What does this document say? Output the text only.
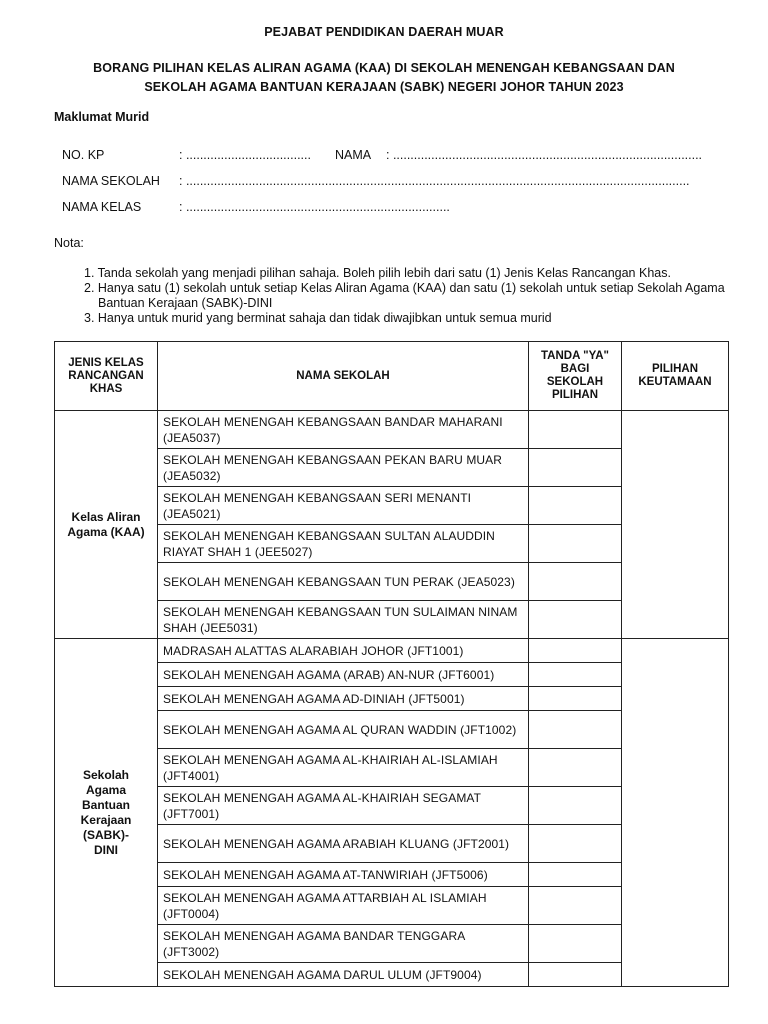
PEJABAT PENDIDIKAN DAERAH MUAR
BORANG PILIHAN KELAS ALIRAN AGAMA (KAA) DI SEKOLAH MENENGAH KEBANGSAAN DAN
SEKOLAH AGAMA BANTUAN KERAJAAN (SABK) NEGERI JOHOR TAHUN 2023
Maklumat Murid
NO. KP	: .................................... NAMA : .........................................................................................
NAMA SEKOLAH : .................................................................................................................................................
NAMA KELAS	: ............................................................................
Nota:
1. Tanda sekolah yang menjadi pilihan sahaja. Boleh pilih lebih dari satu (1) Jenis Kelas Rancangan Khas.
2. Hanya satu (1) sekolah untuk setiap Kelas Aliran Agama (KAA) dan satu (1) sekolah untuk setiap Sekolah Agama Bantuan Kerajaan (SABK)-DINI
3. Hanya untuk murid yang berminat sahaja dan tidak diwajibkan untuk semua murid
JENIS KELAS RANCANGAN KHAS	NAMA SEKOLAH	TANDA "YA" BAGI SEKOLAH PILIHAN	PILIHAN KEUTAMAAN
Kelas Aliran Agama (KAA)	SEKOLAH MENENGAH KEBANGSAAN BANDAR MAHARANI (JEA5037)		
	SEKOLAH MENENGAH KEBANGSAAN PEKAN BARU MUAR (JEA5032)		
	SEKOLAH MENENGAH KEBANGSAAN SERI MENANTI (JEA5021)		
	SEKOLAH MENENGAH KEBANGSAAN SULTAN ALAUDDIN RIAYAT SHAH 1 (JEE5027)		
	SEKOLAH MENENGAH KEBANGSAAN TUN PERAK (JEA5023)		
	SEKOLAH MENENGAH KEBANGSAAN TUN SULAIMAN NINAM SHAH (JEE5031)		
Sekolah Agama Bantuan Kerajaan (SABK)-DINI	MADRASAH ALATTAS ALARABIAH JOHOR (JFT1001)		
	SEKOLAH MENENGAH AGAMA (ARAB) AN-NUR (JFT6001)		
	SEKOLAH MENENGAH AGAMA AD-DINIAH (JFT5001)		
	SEKOLAH MENENGAH AGAMA AL QURAN WADDIN (JFT1002)		
	SEKOLAH MENENGAH AGAMA AL-KHAIRIAH AL-ISLAMIAH (JFT4001)		
	SEKOLAH MENENGAH AGAMA AL-KHAIRIAH SEGAMAT (JFT7001)		
	SEKOLAH MENENGAH AGAMA ARABIAH KLUANG (JFT2001)		
	SEKOLAH MENENGAH AGAMA AT-TANWIRIAH (JFT5006)		
	SEKOLAH MENENGAH AGAMA ATTARBIAH AL ISLAMIAH (JFT0004)		
	SEKOLAH MENENGAH AGAMA BANDAR TENGGARA (JFT3002)		
	SEKOLAH MENENGAH AGAMA DARUL ULUM (JFT9004)		
